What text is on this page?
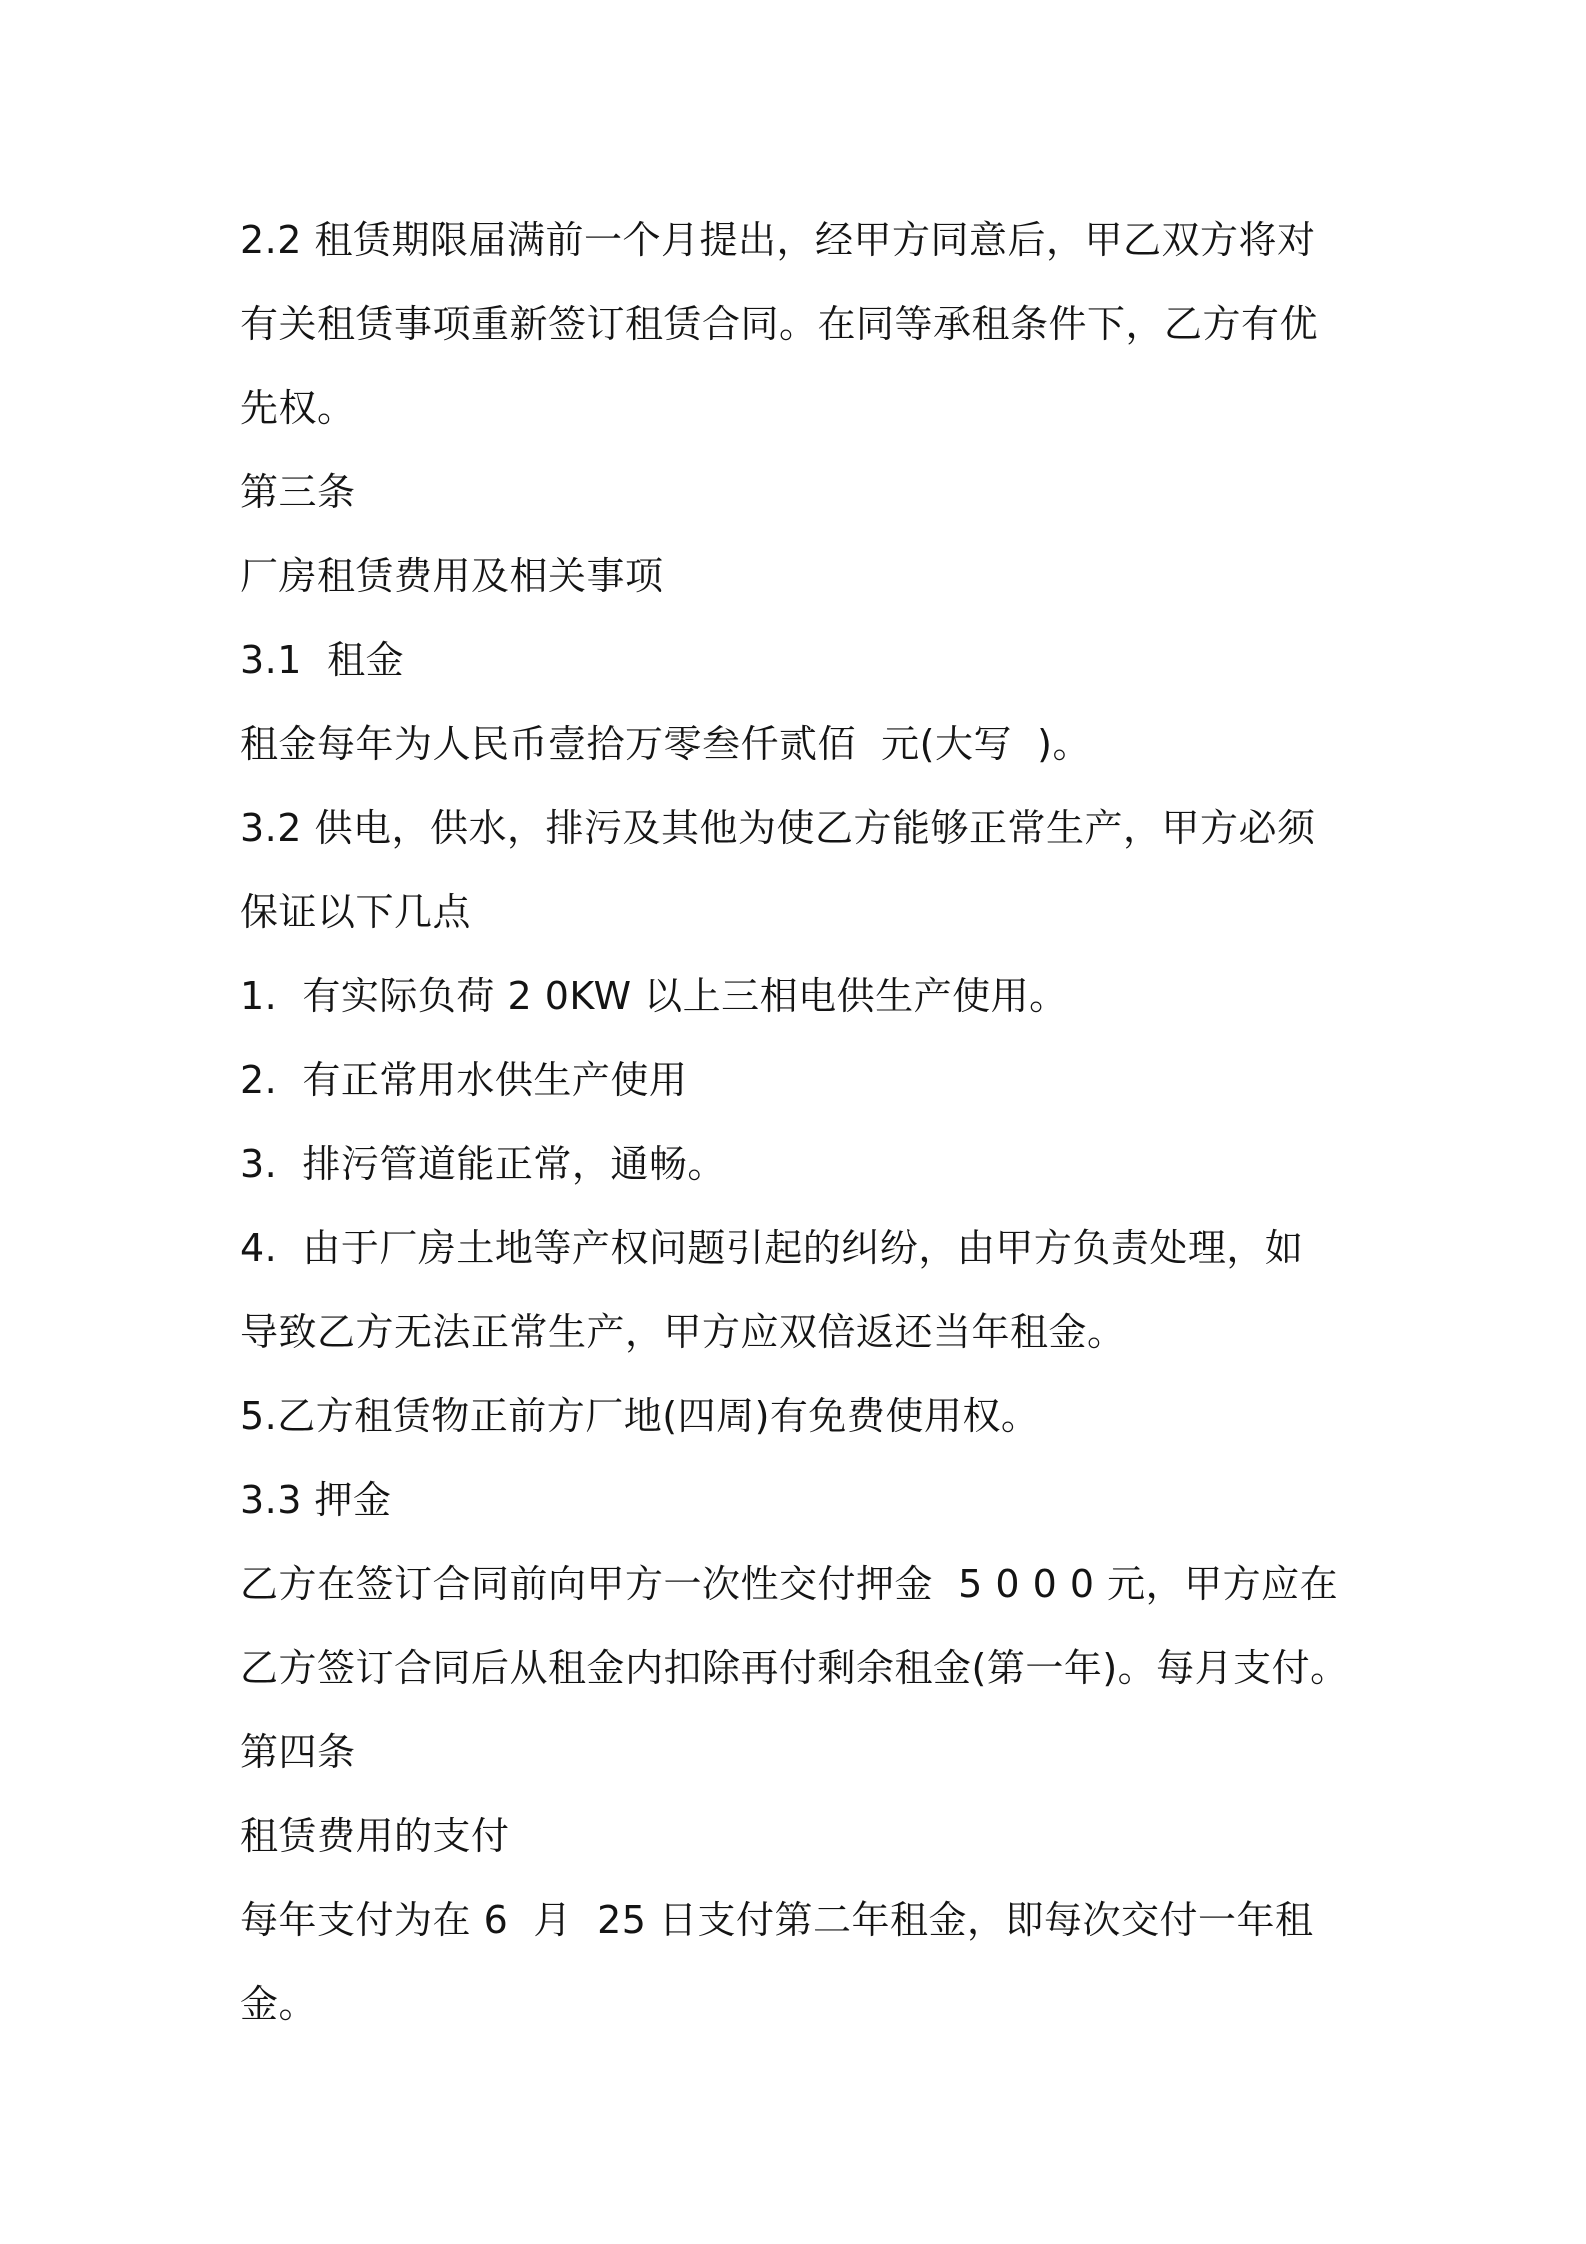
2.2 租赁期限届满前一个月提出，经甲方同意后，甲乙双方将对
有关租赁事项重新签订租赁合同。在同等承租条件下，乙方有优
先权。
第三条
厂房租赁费用及相关事项
3.1  租金
租金每年为人民币壹拾万零叁仟贰佰  元(大写  )。
3.2 供电，供水，排污及其他为使乙方能够正常生产，甲方必须
保证以下几点
1.  有实际负荷 2 0KW 以上三相电供生产使用。
2.  有正常用水供生产使用
3.  排污管道能正常，通畅。
4.  由于厂房土地等产权问题引起的纠纷，由甲方负责处理，如
导致乙方无法正常生产，甲方应双倍返还当年租金。
5.乙方租赁物正前方厂地(四周)有免费使用权。
3.3 押金
乙方在签订合同前向甲方一次性交付押金  5 0 0 0 元，甲方应在
乙方签订合同后从租金内扣除再付剩余租金(第一年)。每月支付。
第四条
租赁费用的支付
每年支付为在 6  月  25 日支付第二年租金，即每次交付一年租
金。
